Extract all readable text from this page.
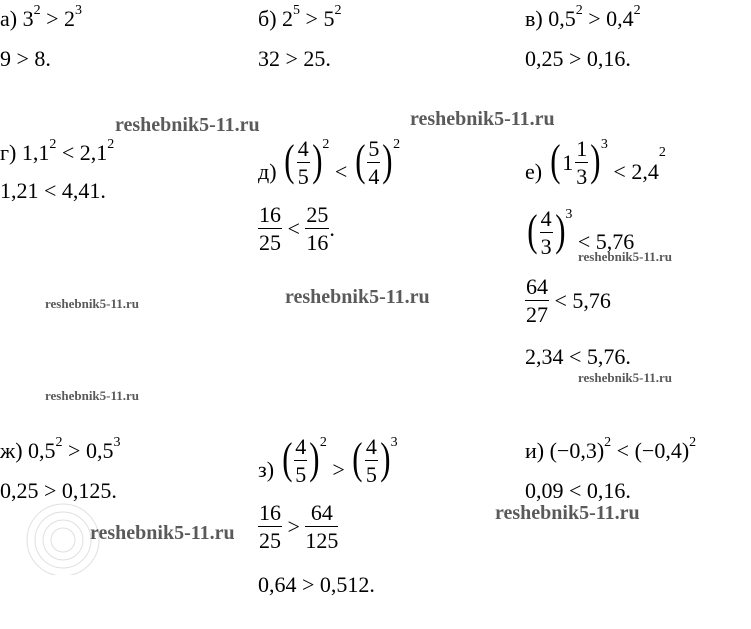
а) $3^2 > 2^3$
9 > 8.
б) $2^5 > 5^2$
32 > 25.
в) $0,5^2 > 0,4^2$
0,25 > 0,16.
г) $1,1^2 < 2,1^2$
1,21 < 4,41.
д) ( $\frac{4}{5}$ ) 2
< ( $\frac{5}{4}$ ) 2
$\frac{16}{25} < \frac{25}{16}$ .
е) ( $1 \frac{1}{3}$ ) 3
< $2,4^2$
( $\frac{4}{3}$ ) 3
< 5,76
$\frac{64}{27} < 5,76$
2,34 < 5,76.
ж) $0,5^2 > 0,5^3$
0,25 > 0,125.
з) ( $\frac{4}{5}$ ) 2
> ( $\frac{4}{5}$ ) 3
$\frac{16}{25} > \frac{64}{125}$
0,64 > 0,512.
и) $(-0,3)^2 < (-0,4)^2$
0,09 < 0,16.
reshebnik5-11.ru	reshebnik5-11.ru
reshebnik5-11.ru
reshebnik5-11.ru
reshebnik5-11.ru
reshebnik5-11.ru
reshebnik5-11.ru
reshebnik5-11.ru
reshebnik5-11.ru
